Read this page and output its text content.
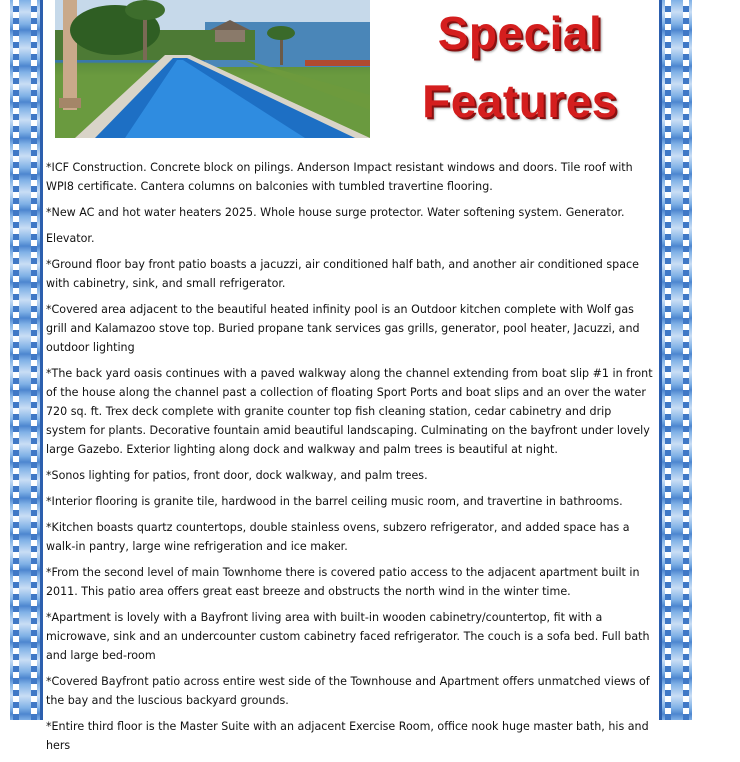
Special
Features

*ICF Construction. Concrete block on pilings. Anderson Impact resistant windows and doors. Tile roof with WPI8 certificate. Cantera columns on balconies with tumbled travertine flooring.

*New AC and hot water heaters 2025. Whole house surge protector. Water softening system. Generator.

Elevator.

*Ground floor bay front patio boasts a jacuzzi, air conditioned half bath, and another air conditioned space with cabinetry, sink, and small refrigerator.

*Covered area adjacent to the beautiful heated infinity pool is an Outdoor kitchen complete with Wolf gas grill and Kalamazoo stove top. Buried propane tank services gas grills, generator, pool heater, Jacuzzi, and outdoor lighting

*The back yard oasis continues with a paved walkway along the channel extending from boat slip #1 in front of the house along the channel past a collection of floating Sport Ports and boat slips and an over the water 720 sq. ft. Trex deck complete with granite counter top fish cleaning station, cedar cabinetry and drip system for plants. Decorative fountain amid beautiful landscaping. Culminating on the bayfront under lovely large Gazebo. Exterior lighting along dock and walkway and palm trees is beautiful at night.

*Sonos lighting for patios, front door, dock walkway, and palm trees.

*Interior flooring is granite tile, hardwood in the barrel ceiling music room, and travertine in bathrooms.

*Kitchen boasts quartz countertops, double stainless ovens, subzero refrigerator, and added space has a walk-in pantry, large wine refrigeration and ice maker.

*From the second level of main Townhome there is covered patio access to the adjacent apartment built in 2011. This patio area offers great east breeze and obstructs the north wind in the winter time.

*Apartment is lovely with a Bayfront living area with built-in wooden cabinetry/countertop, fit with a microwave, sink and an undercounter custom cabinetry faced refrigerator. The couch is a sofa bed. Full bath and large bed-room

*Covered Bayfront patio across entire west side of the Townhouse and Apartment offers unmatched views of the bay and the luscious backyard grounds.

*Entire third floor is the Master Suite with an adjacent Exercise Room, office nook huge master bath, his and hers
